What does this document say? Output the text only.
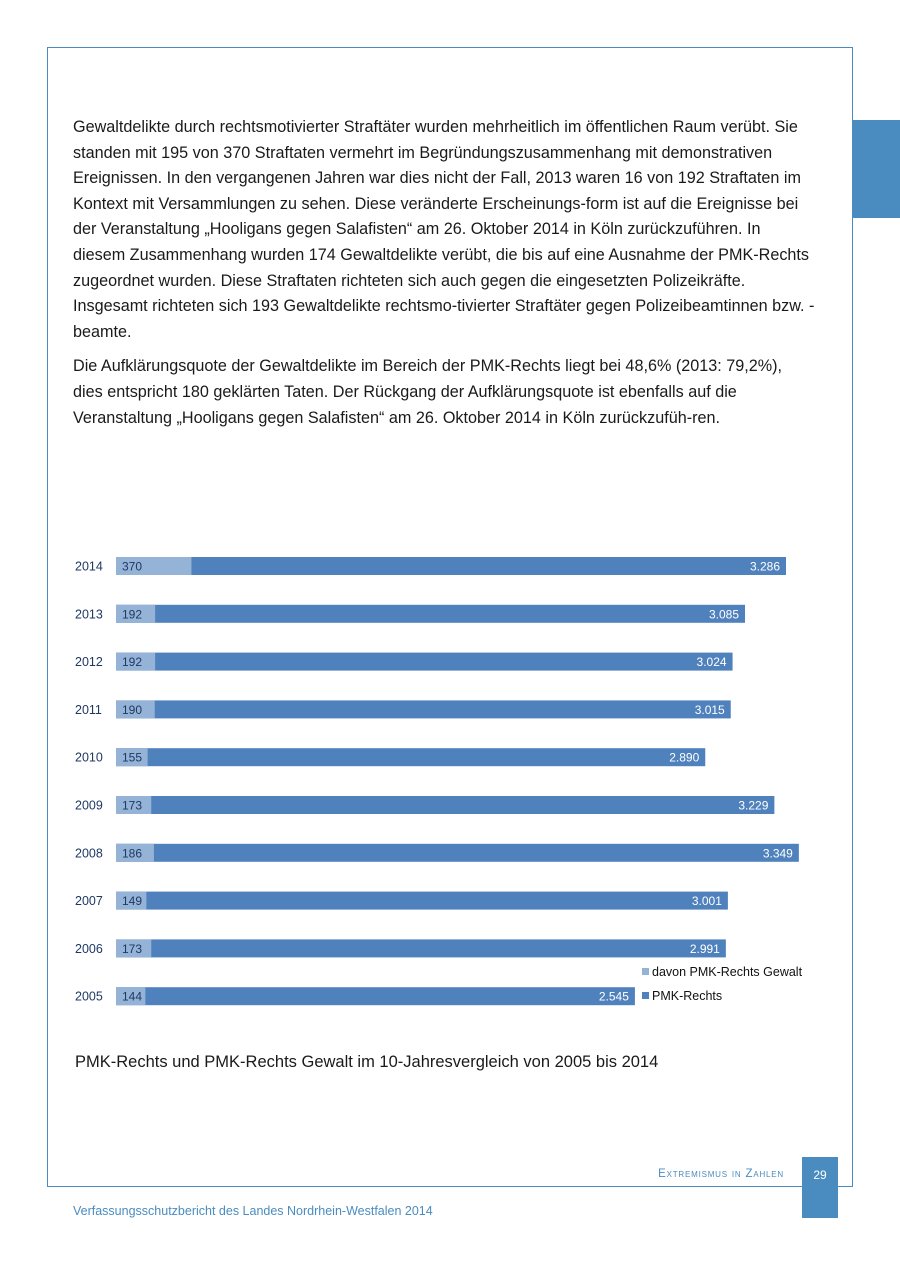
Gewaltdelikte durch rechtsmotivierter Straftäter wurden mehrheitlich im öffentlichen Raum verübt. Sie standen mit 195 von 370 Straftaten vermehrt im Begründungszusammenhang mit demonstrativen Ereignissen. In den vergangenen Jahren war dies nicht der Fall, 2013 waren 16 von 192 Straftaten im Kontext mit Versammlungen zu sehen. Diese veränderte Erscheinungs-form ist auf die Ereignisse bei der Veranstaltung „Hooligans gegen Salafisten“ am 26. Oktober 2014 in Köln zurückzuführen. In diesem Zusammenhang wurden 174 Gewaltdelikte verübt, die bis auf eine Ausnahme der PMK-Rechts zugeordnet wurden. Diese Straftaten richteten sich auch gegen die eingesetzten Polizeikräfte. Insgesamt richteten sich 193 Gewaltdelikte rechtsmo-tivierter Straftäter gegen Polizeibeamtinnen bzw. -beamte.

Die Aufklärungsquote der Gewaltdelikte im Bereich der PMK-Rechts liegt bei 48,6% (2013: 79,2%), dies entspricht 180 geklärten Taten. Der Rückgang der Aufklärungsquote ist ebenfalls auf die Veranstaltung „Hooligans gegen Salafisten“ am 26. Oktober 2014 in Köln zurückzufüh-ren.

2014	3.286
370
2013	3.085
192
2012	3.024
192
2011	3.015
190
2010	2.890
155
2009	3.229
173
2008	3.349
186
2007	3.001
149
2006	2.991
173
2005	2.545
144
davon PMK-Rechts Gewalt
PMK-Rechts
PMK-Rechts und PMK-Rechts Gewalt im 10-Jahresvergleich von 2005 bis 2014
Extremismus in Zahlen	29
Verfassungsschutzbericht des Landes Nordrhein-Westfalen 2014
